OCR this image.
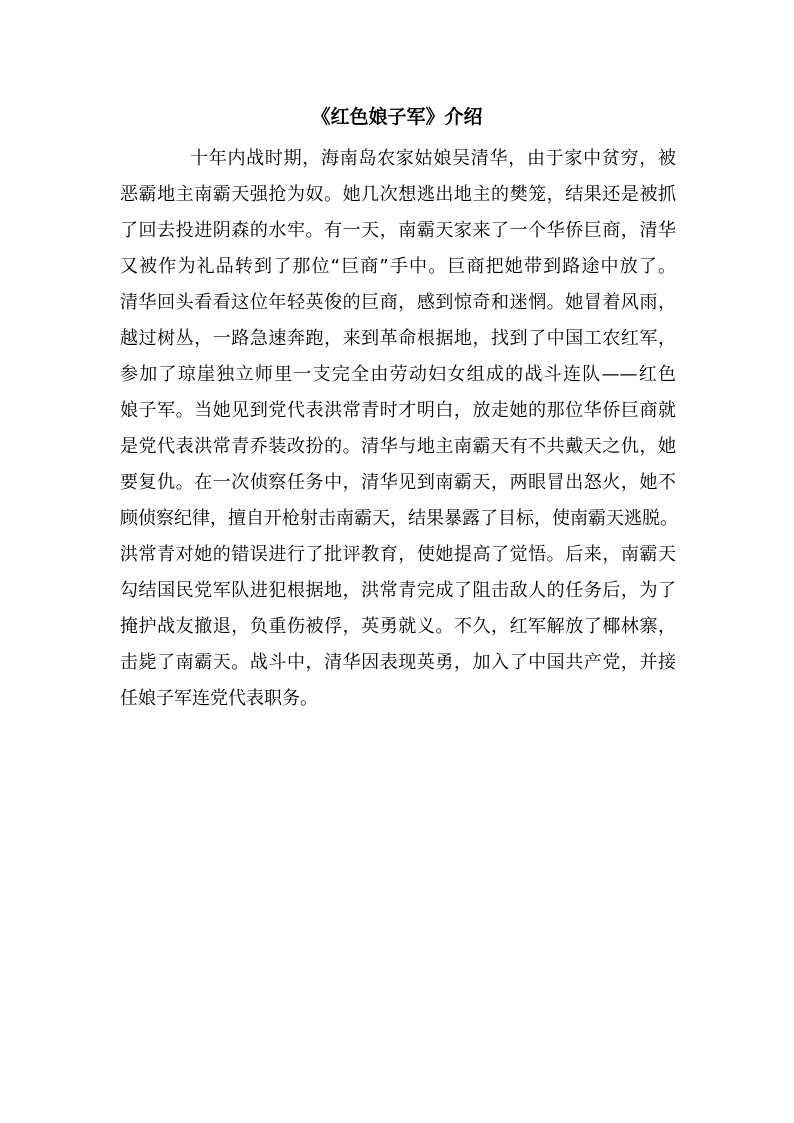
《红色娘子军》介绍
十年内战时期，海南岛农家姑娘吴清华，由于家中贫穷，被
恶霸地主南霸天强抢为奴。她几次想逃出地主的樊笼，结果还是被抓
了回去投进阴森的水牢。有一天，南霸天家来了一个华侨巨商，清华
又被作为礼品转到了那位“巨商”手中。巨商把她带到路途中放了。
清华回头看看这位年轻英俊的巨商，感到惊奇和迷惘。她冒着风雨，
越过树丛，一路急速奔跑，来到革命根据地，找到了中国工农红军，
参加了琼崖独立师里一支完全由劳动妇女组成的战斗连队——红色
娘子军。当她见到党代表洪常青时才明白，放走她的那位华侨巨商就
是党代表洪常青乔装改扮的。清华与地主南霸天有不共戴天之仇，她
要复仇。在一次侦察任务中，清华见到南霸天，两眼冒出怒火，她不
顾侦察纪律，擅自开枪射击南霸天，结果暴露了目标，使南霸天逃脱。
洪常青对她的错误进行了批评教育，使她提高了觉悟。后来，南霸天
勾结国民党军队进犯根据地，洪常青完成了阻击敌人的任务后，为了
掩护战友撤退，负重伤被俘，英勇就义。不久，红军解放了椰林寨，
击毙了南霸天。战斗中，清华因表现英勇，加入了中国共产党，并接
任娘子军连党代表职务。
